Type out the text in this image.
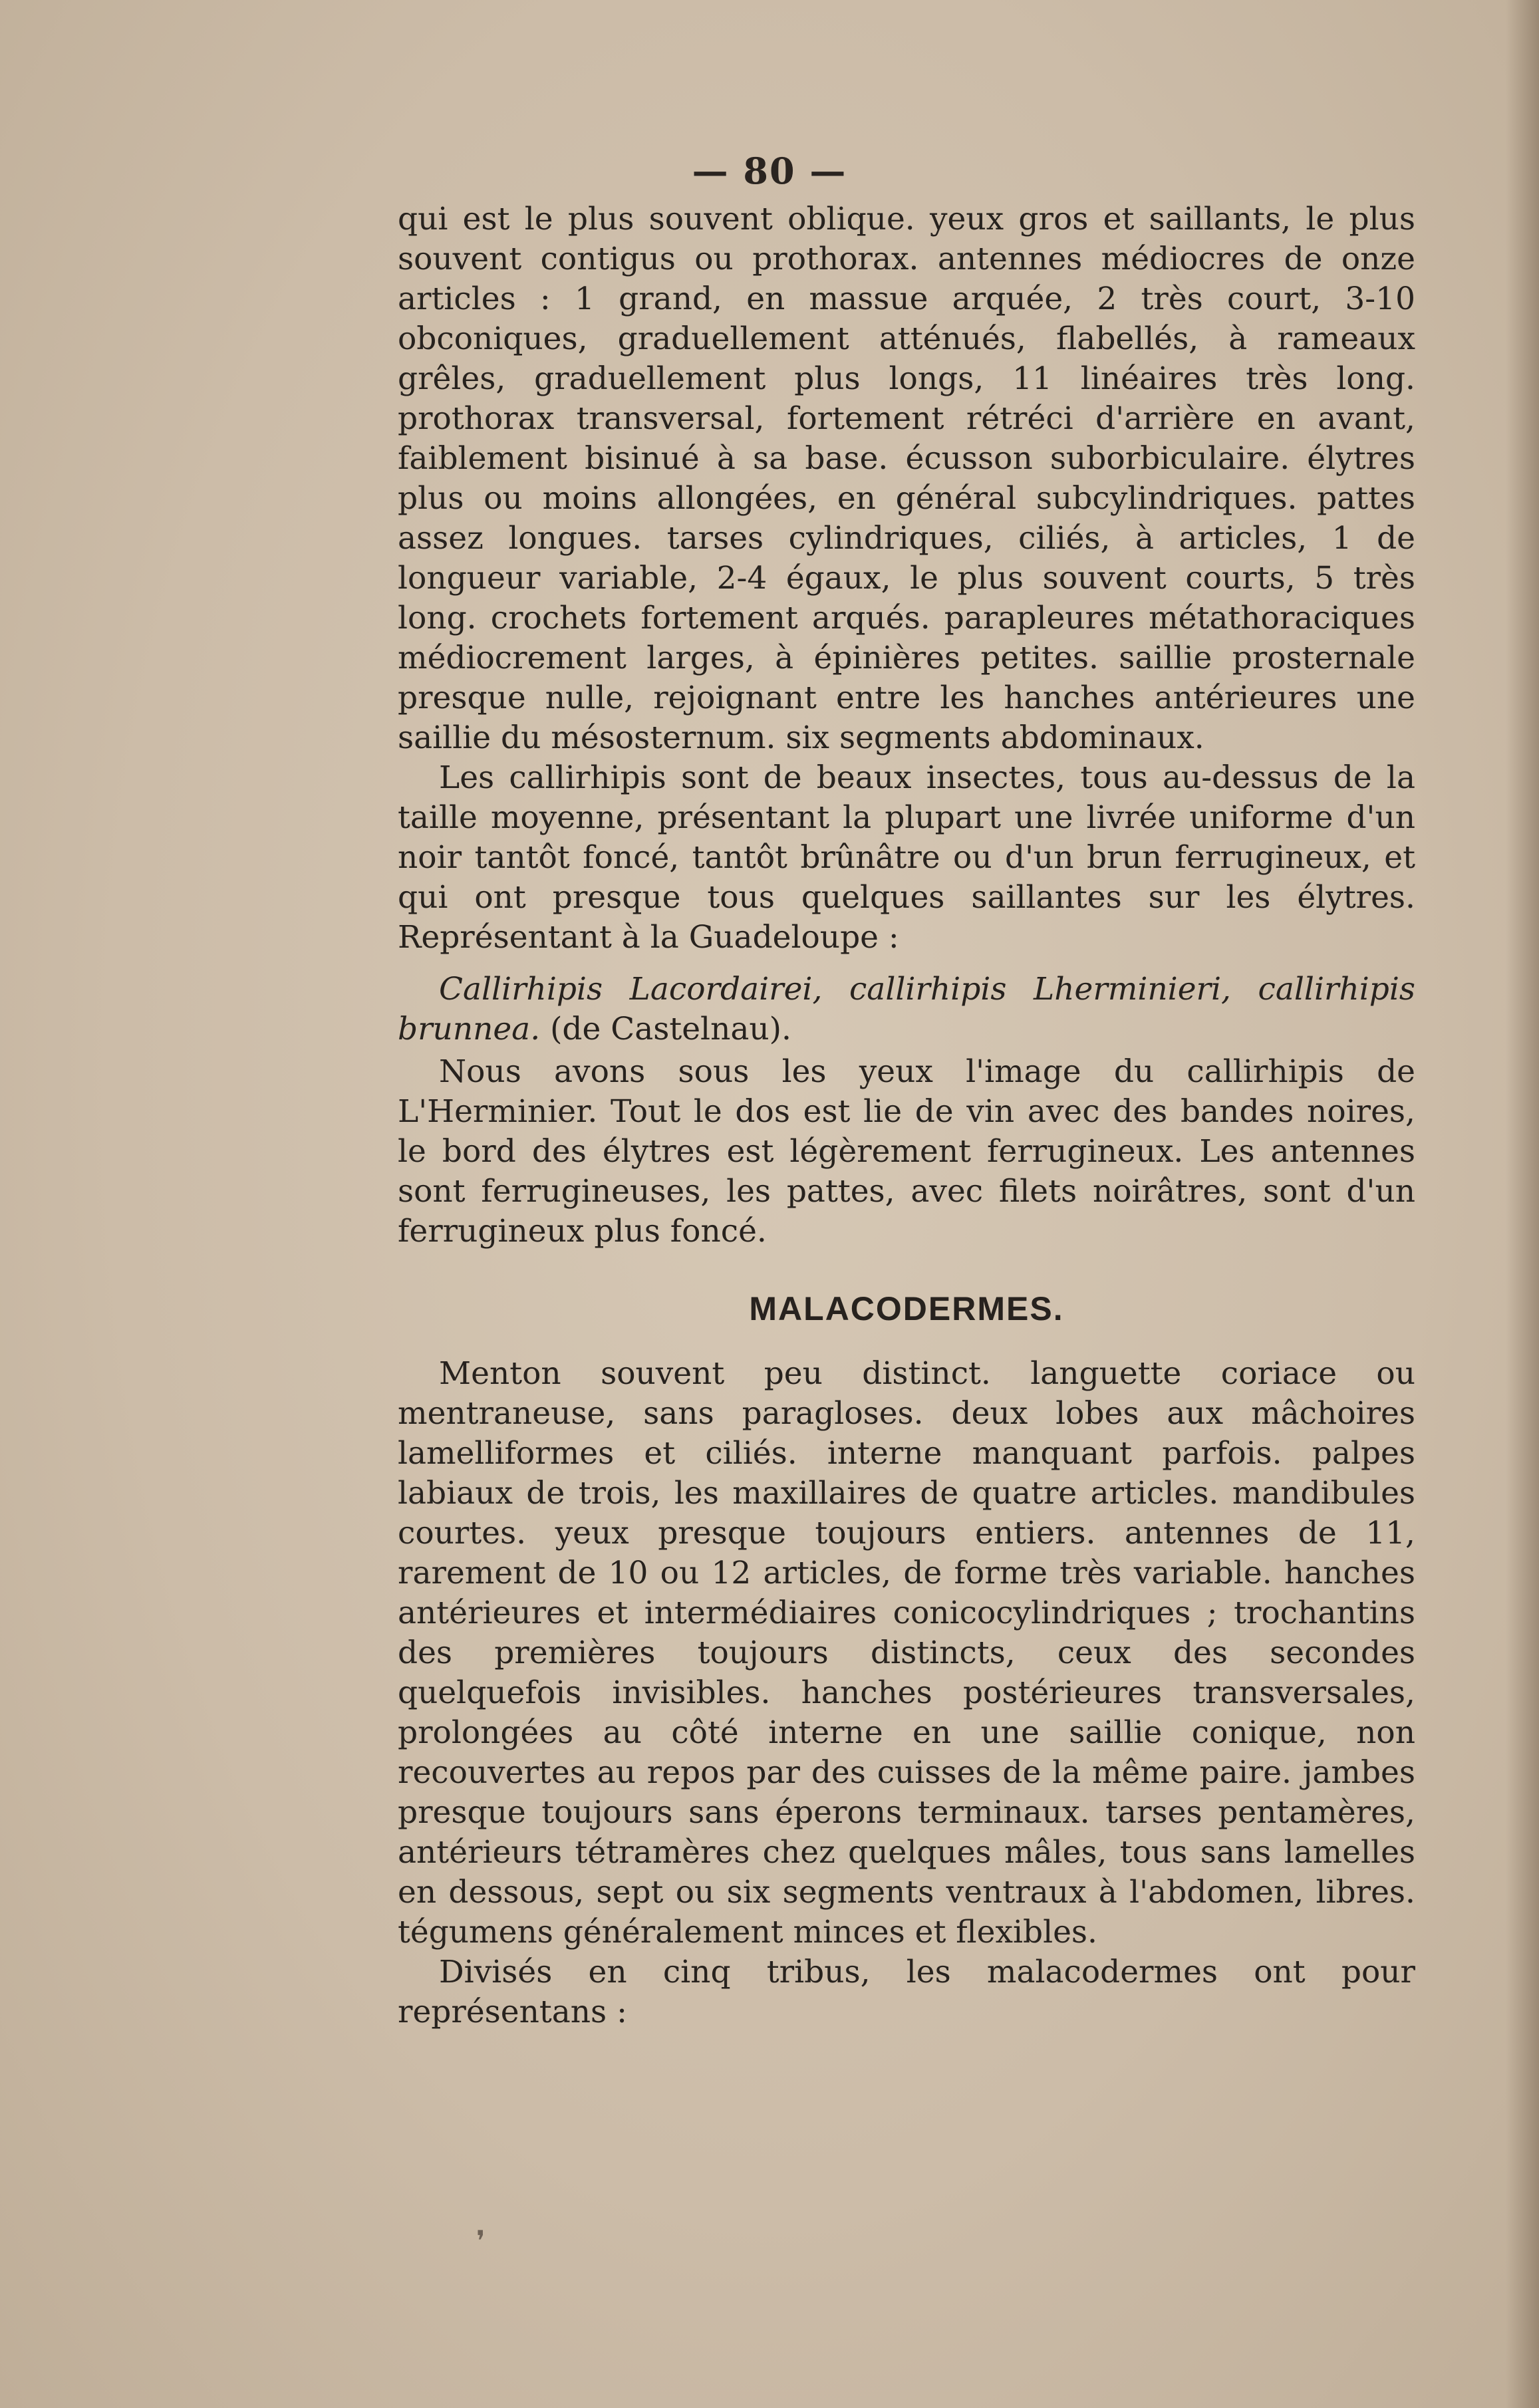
— 80 —

qui est le plus souvent oblique. yeux gros et saillants, le plus souvent contigus ou prothorax. antennes médiocres de onze articles : 1 grand, en massue arquée, 2 très court, 3-10 obconiques, graduellement atténués, flabellés, à rameaux grêles, graduellement plus longs, 11 linéaires très long. prothorax transversal, fortement rétréci d'arrière en avant, faiblement bisinué à sa base. écusson suborbiculaire. élytres plus ou moins allongées, en général subcylindriques. pattes assez longues. tarses cylindriques, ciliés, à articles, 1 de longueur variable, 2-4 égaux, le plus souvent courts, 5 très long. crochets fortement arqués. parapleures métathoraciques médiocrement larges, à épinières petites. saillie prosternale presque nulle, rejoignant entre les hanches antérieures une saillie du mésosternum. six segments abdominaux.

Les callirhipis sont de beaux insectes, tous au-dessus de la taille moyenne, présentant la plupart une livrée uniforme d'un noir tantôt foncé, tantôt brûnâtre ou d'un brun ferrugineux, et qui ont presque tous quelques saillantes sur les élytres. Représentant à la Guadeloupe :

Callirhipis Lacordairei, callirhipis Lherminieri, callirhipis brunnea. (de Castelnau).

Nous avons sous les yeux l'image du callirhipis de L'Herminier. Tout le dos est lie de vin avec des bandes noires, le bord des élytres est légèrement ferrugineux. Les antennes sont ferrugineuses, les pattes, avec filets noirâtres, sont d'un ferrugineux plus foncé.

MALACODERMES.

Menton souvent peu distinct. languette coriace ou mentraneuse, sans paragloses. deux lobes aux mâchoires lamelliformes et ciliés. interne manquant parfois. palpes labiaux de trois, les maxillaires de quatre articles. mandibules courtes. yeux presque toujours entiers. antennes de 11, rarement de 10 ou 12 articles, de forme très variable. hanches antérieures et intermédiaires conicocylindriques ; trochantins des premières toujours distincts, ceux des secondes quelquefois invisibles. hanches postérieures transversales, prolongées au côté interne en une saillie conique, non recouvertes au repos par des cuisses de la même paire. jambes presque toujours sans éperons terminaux. tarses pentamères, antérieurs tétramères chez quelques mâles, tous sans lamelles en dessous, sept ou six segments ventraux à l'abdomen, libres. tégumens généralement minces et flexibles.

Divisés en cinq tribus, les malacodermes ont pour représentans :

❜
